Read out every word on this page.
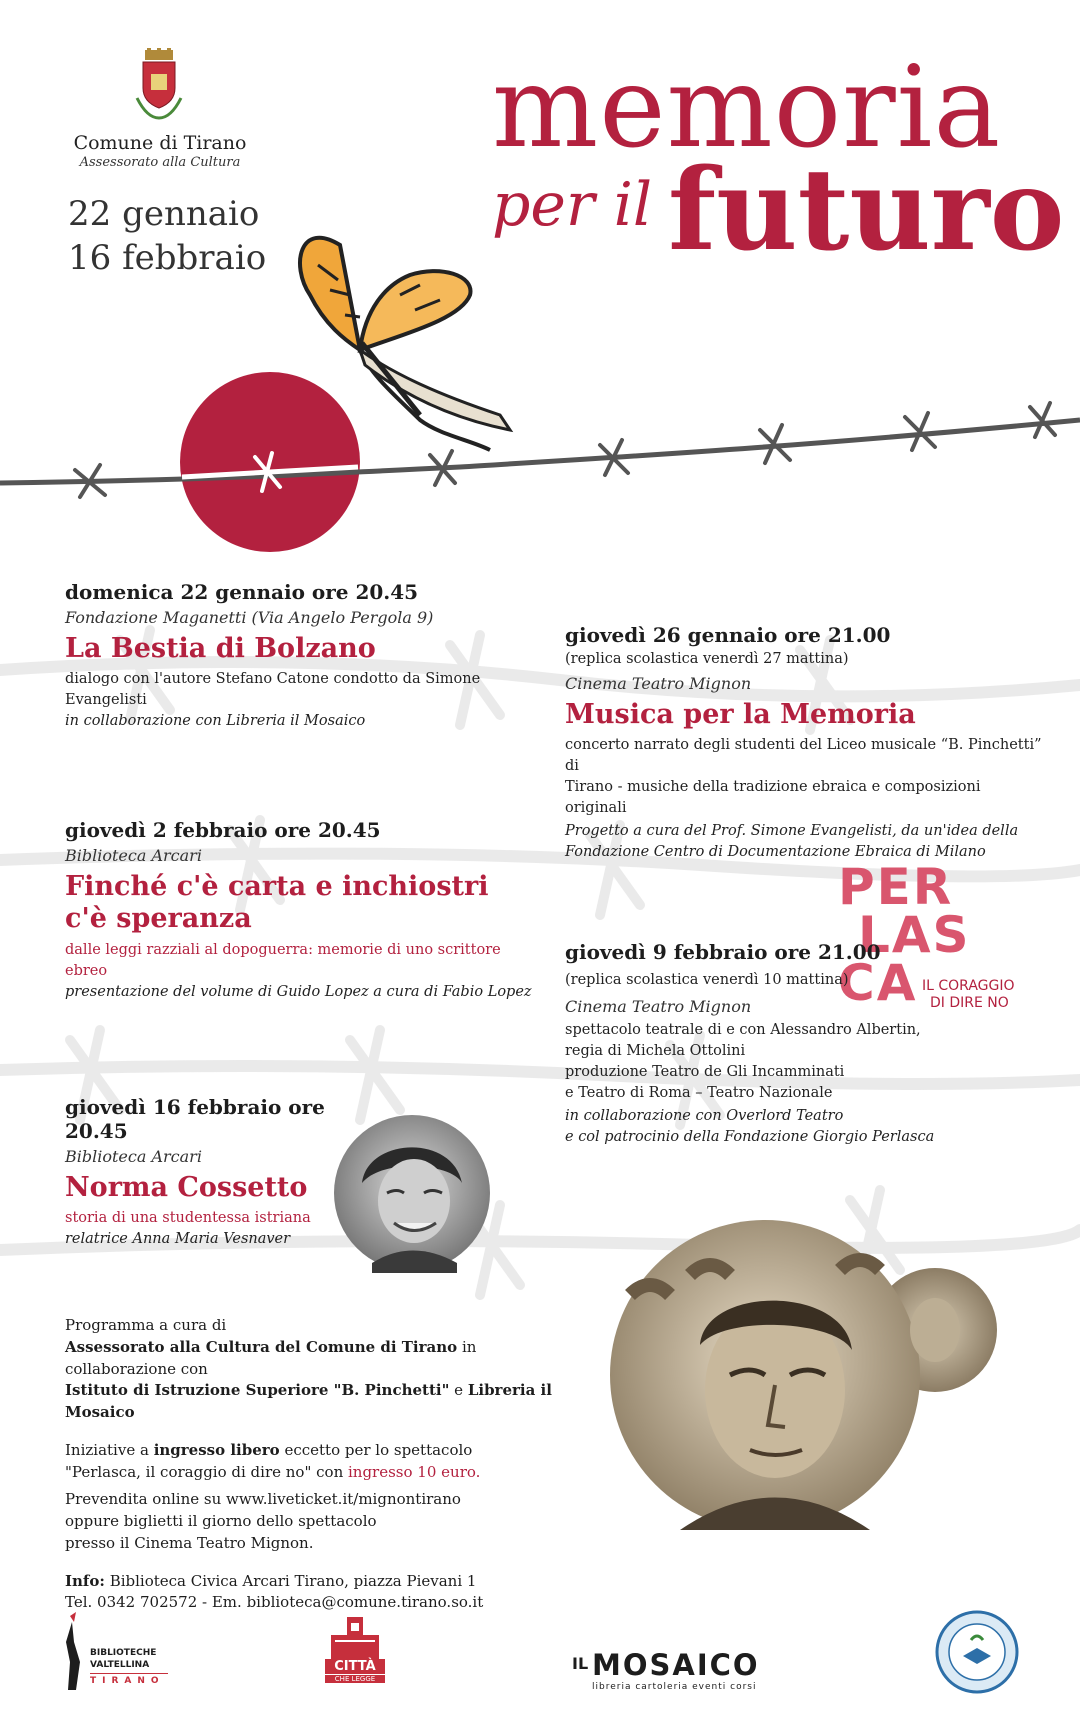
Comune di Tirano
Assessorato alla Cultura
22 gennaio
16 febbraio
memoria
per il futuro
domenica 22 gennaio ore 20.45
Fondazione Maganetti (Via Angelo Pergola 9)
La Bestia di Bolzano
dialogo con l'autore Stefano Catone condotto da Simone Evangelisti
in collaborazione con Libreria il Mosaico
giovedì 2 febbraio ore 20.45
Biblioteca Arcari
Finché c'è carta e inchiostri
c'è speranza
dalle leggi razziali al dopoguerra: memorie di uno scrittore ebreo
presentazione del volume di Guido Lopez a cura di Fabio Lopez
giovedì 16 febbraio ore 20.45
Biblioteca Arcari
Norma Cossetto
storia di una studentessa istriana
relatrice Anna Maria Vesnaver
giovedì 26 gennaio ore 21.00
(replica scolastica venerdì 27 mattina)
Cinema Teatro Mignon
Musica per la Memoria
concerto narrato degli studenti del Liceo musicale “B. Pinchetti” di
Tirano - musiche della tradizione ebraica e composizioni originali
Progetto a cura del Prof. Simone Evangelisti, da un'idea della
Fondazione Centro di Documentazione Ebraica di Milano
PER
LAS
CA IL CORAGGIO
DI DIRE NO
giovedì 9 febbraio ore 21.00
(replica scolastica venerdì 10 mattina)
Cinema Teatro Mignon
spettacolo teatrale di e con Alessandro Albertin,
regia di Michela Ottolini
produzione Teatro de Gli Incamminati
e Teatro di Roma – Teatro Nazionale
in collaborazione con Overlord Teatro
e col patrocinio della Fondazione Giorgio Perlasca
Programma a cura di
Assessorato alla Cultura del Comune di Tirano in collaborazione con
Istituto di Istruzione Superiore "B. Pinchetti" e Libreria il Mosaico
Iniziative a ingresso libero eccetto per lo spettacolo
"Perlasca, il coraggio di dire no" con ingresso 10 euro.
Prevendita online su www.liveticket.it/mignontirano
oppure biglietti il giorno dello spettacolo
presso il Cinema Teatro Mignon.
Info: Biblioteca Civica Arcari Tirano, piazza Pievani 1
Tel. 0342 702572 - Em. biblioteca@comune.tirano.so.it
BIBLIOTECHE
VALTELLINA
TIRANO
CITTÀ
CHE LEGGE
IL MOSAICO
libreria cartoleria eventi corsi
